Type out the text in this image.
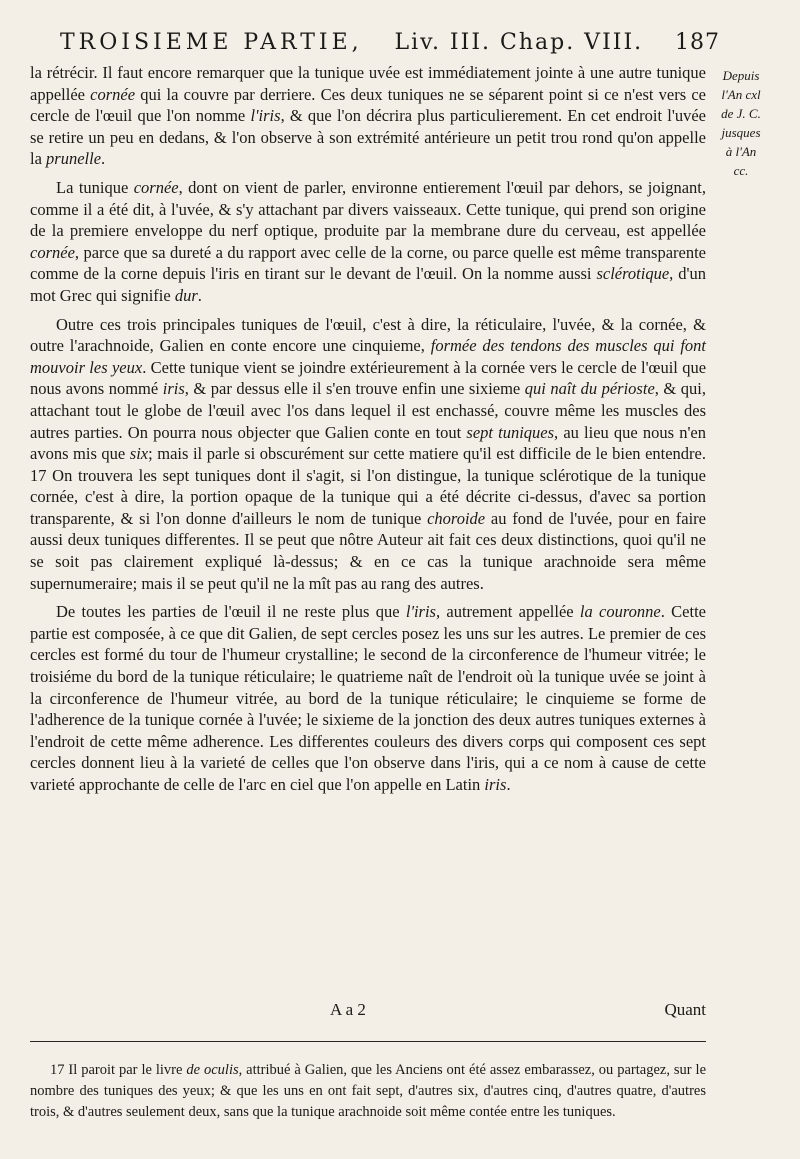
TROISIEME PARTIE, Liv. III. Chap. VIII. 187
Depuis
l'An cxl
de J. C.
jusques
à l'An
cc.

la rétrécir. Il faut encore remarquer que la tunique uvée est immédiatement jointe à une autre tunique appellée cornée qui la couvre par derriere. Ces deux tuniques ne se séparent point si ce n'est vers ce cercle de l'œuil que l'on nomme l'iris, & que l'on décrira plus particulierement. En cet endroit l'uvée se retire un peu en dedans, & l'on observe à son extrémité antérieure un petit trou rond qu'on appelle la prunelle.

La tunique cornée, dont on vient de parler, environne entierement l'œuil par dehors, se joignant, comme il a été dit, à l'uvée, & s'y attachant par divers vaisseaux. Cette tunique, qui prend son origine de la premiere enveloppe du nerf optique, produite par la membrane dure du cerveau, est appellée cornée, parce que sa dureté a du rapport avec celle de la corne, ou parce quelle est même transparente comme de la corne depuis l'iris en tirant sur le devant de l'œuil. On la nomme aussi sclérotique, d'un mot Grec qui signifie dur.

Outre ces trois principales tuniques de l'œuil, c'est à dire, la réticulaire, l'uvée, & la cornée, & outre l'arachnoide, Galien en conte encore une cinquieme, formée des tendons des muscles qui font mouvoir les yeux. Cette tunique vient se joindre extérieurement à la cornée vers le cercle de l'œuil que nous avons nommé iris, & par dessus elle il s'en trouve enfin une sixieme qui naît du périoste, & qui, attachant tout le globe de l'œuil avec l'os dans lequel il est enchassé, couvre même les muscles des autres parties. On pourra nous objecter que Galien conte en tout sept tuniques, au lieu que nous n'en avons mis que six; mais il parle si obscurément sur cette matiere qu'il est difficile de le bien entendre. 17 On trouvera les sept tuniques dont il s'agit, si l'on distingue, la tunique sclérotique de la tunique cornée, c'est à dire, la portion opaque de la tunique qui a été décrite ci-dessus, d'avec sa portion transparente, & si l'on donne d'ailleurs le nom de tunique choroide au fond de l'uvée, pour en faire aussi deux tuniques differentes. Il se peut que nôtre Auteur ait fait ces deux distinctions, quoi qu'il ne se soit pas clairement expliqué là-dessus; & en ce cas la tunique arachnoide sera même supernumeraire; mais il se peut qu'il ne la mît pas au rang des autres.

De toutes les parties de l'œuil il ne reste plus que l'iris, autrement appellée la couronne. Cette partie est composée, à ce que dit Galien, de sept cercles posez les uns sur les autres. Le premier de ces cercles est formé du tour de l'humeur crystalline; le second de la circonference de l'humeur vitrée; le troisiéme du bord de la tunique réticulaire; le quatrieme naît de l'endroit où la tunique uvée se joint à la circonference de l'humeur vitrée, au bord de la tunique réticulaire; le cinquieme se forme de l'adherence de la tunique cornée à l'uvée; le sixieme de la jonction des deux autres tuniques externes à l'endroit de cette même adherence. Les differentes couleurs des divers corps qui composent ces sept cercles donnent lieu à la varieté de celles que l'on observe dans l'iris, qui a ce nom à cause de cette varieté approchante de celle de l'arc en ciel que l'on appelle en Latin iris.

A a 2	Quant
17 Il paroit par le livre de oculis, attribué à Galien, que les Anciens ont été assez embarassez, ou partagez, sur le nombre des tuniques des yeux; & que les uns en ont fait sept, d'autres six, d'autres cinq, d'autres quatre, d'autres trois, & d'autres seulement deux, sans que la tunique arachnoide soit même contée entre les tuniques.
